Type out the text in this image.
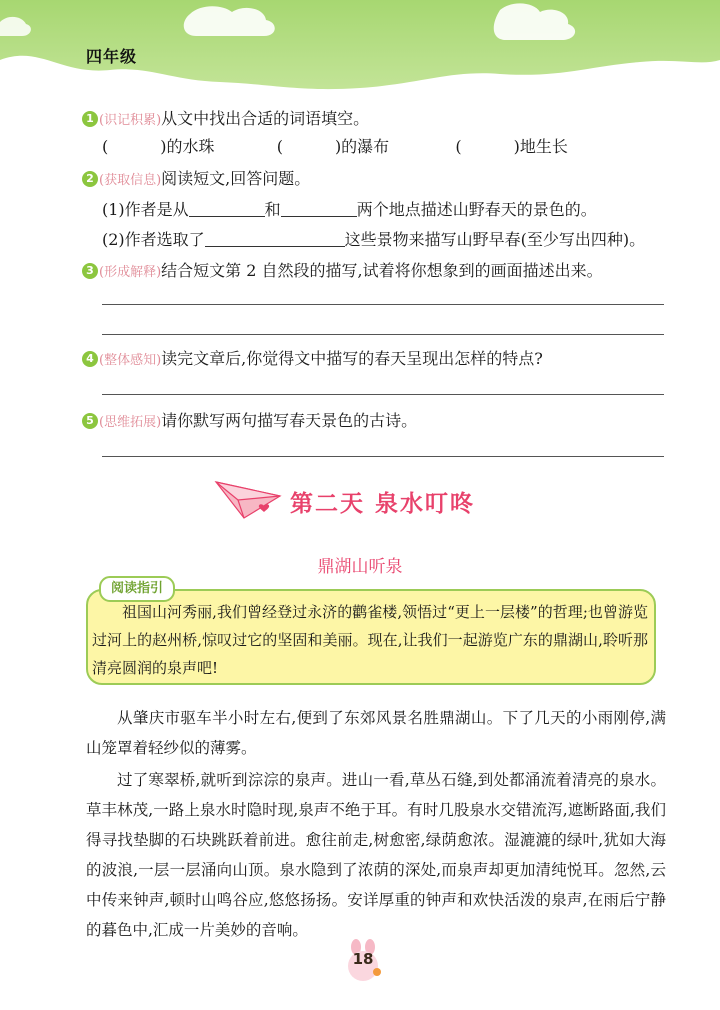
四年级
1 (识记积累)从文中找出合适的词语填空。
(	)的水珠	(	)的瀑布	(	)地生长
2 (获取信息)阅读短文,回答问题。
(1)作者是从	和	两个地点描述山野春天的景色的。
(2)作者选取了	这些景物来描写山野早春(至少写出四种)。
3 (形成解释)结合短文第 2 自然段的描写,试着将你想象到的画面描述出来。
4 (整体感知)读完文章后,你觉得文中描写的春天呈现出怎样的特点?
5 (思维拓展)请你默写两句描写春天景色的古诗。
第二天 泉水叮咚
鼎湖山听泉
阅读指引
祖国山河秀丽,我们曾经登过永济的鹳雀楼,领悟过“更上一层楼”的哲理;也曾游览过河上的赵州桥,惊叹过它的坚固和美丽。现在,让我们一起游览广东的鼎湖山,聆听那清亮圆润的泉声吧!
从肇庆市驱车半小时左右,便到了东郊风景名胜鼎湖山。下了几天的小雨刚停,满山笼罩着轻纱似的薄雾。
过了寒翠桥,就听到淙淙的泉声。进山一看,草丛石缝,到处都涌流着清亮的泉水。草丰林茂,一路上泉水时隐时现,泉声不绝于耳。有时几股泉水交错流泻,遮断路面,我们得寻找垫脚的石块跳跃着前进。愈往前走,树愈密,绿荫愈浓。湿漉漉的绿叶,犹如大海的波浪,一层一层涌向山顶。泉水隐到了浓荫的深处,而泉声却更加清纯悦耳。忽然,云中传来钟声,顿时山鸣谷应,悠悠扬扬。安详厚重的钟声和欢快活泼的泉声,在雨后宁静的暮色中,汇成一片美妙的音响。
18
